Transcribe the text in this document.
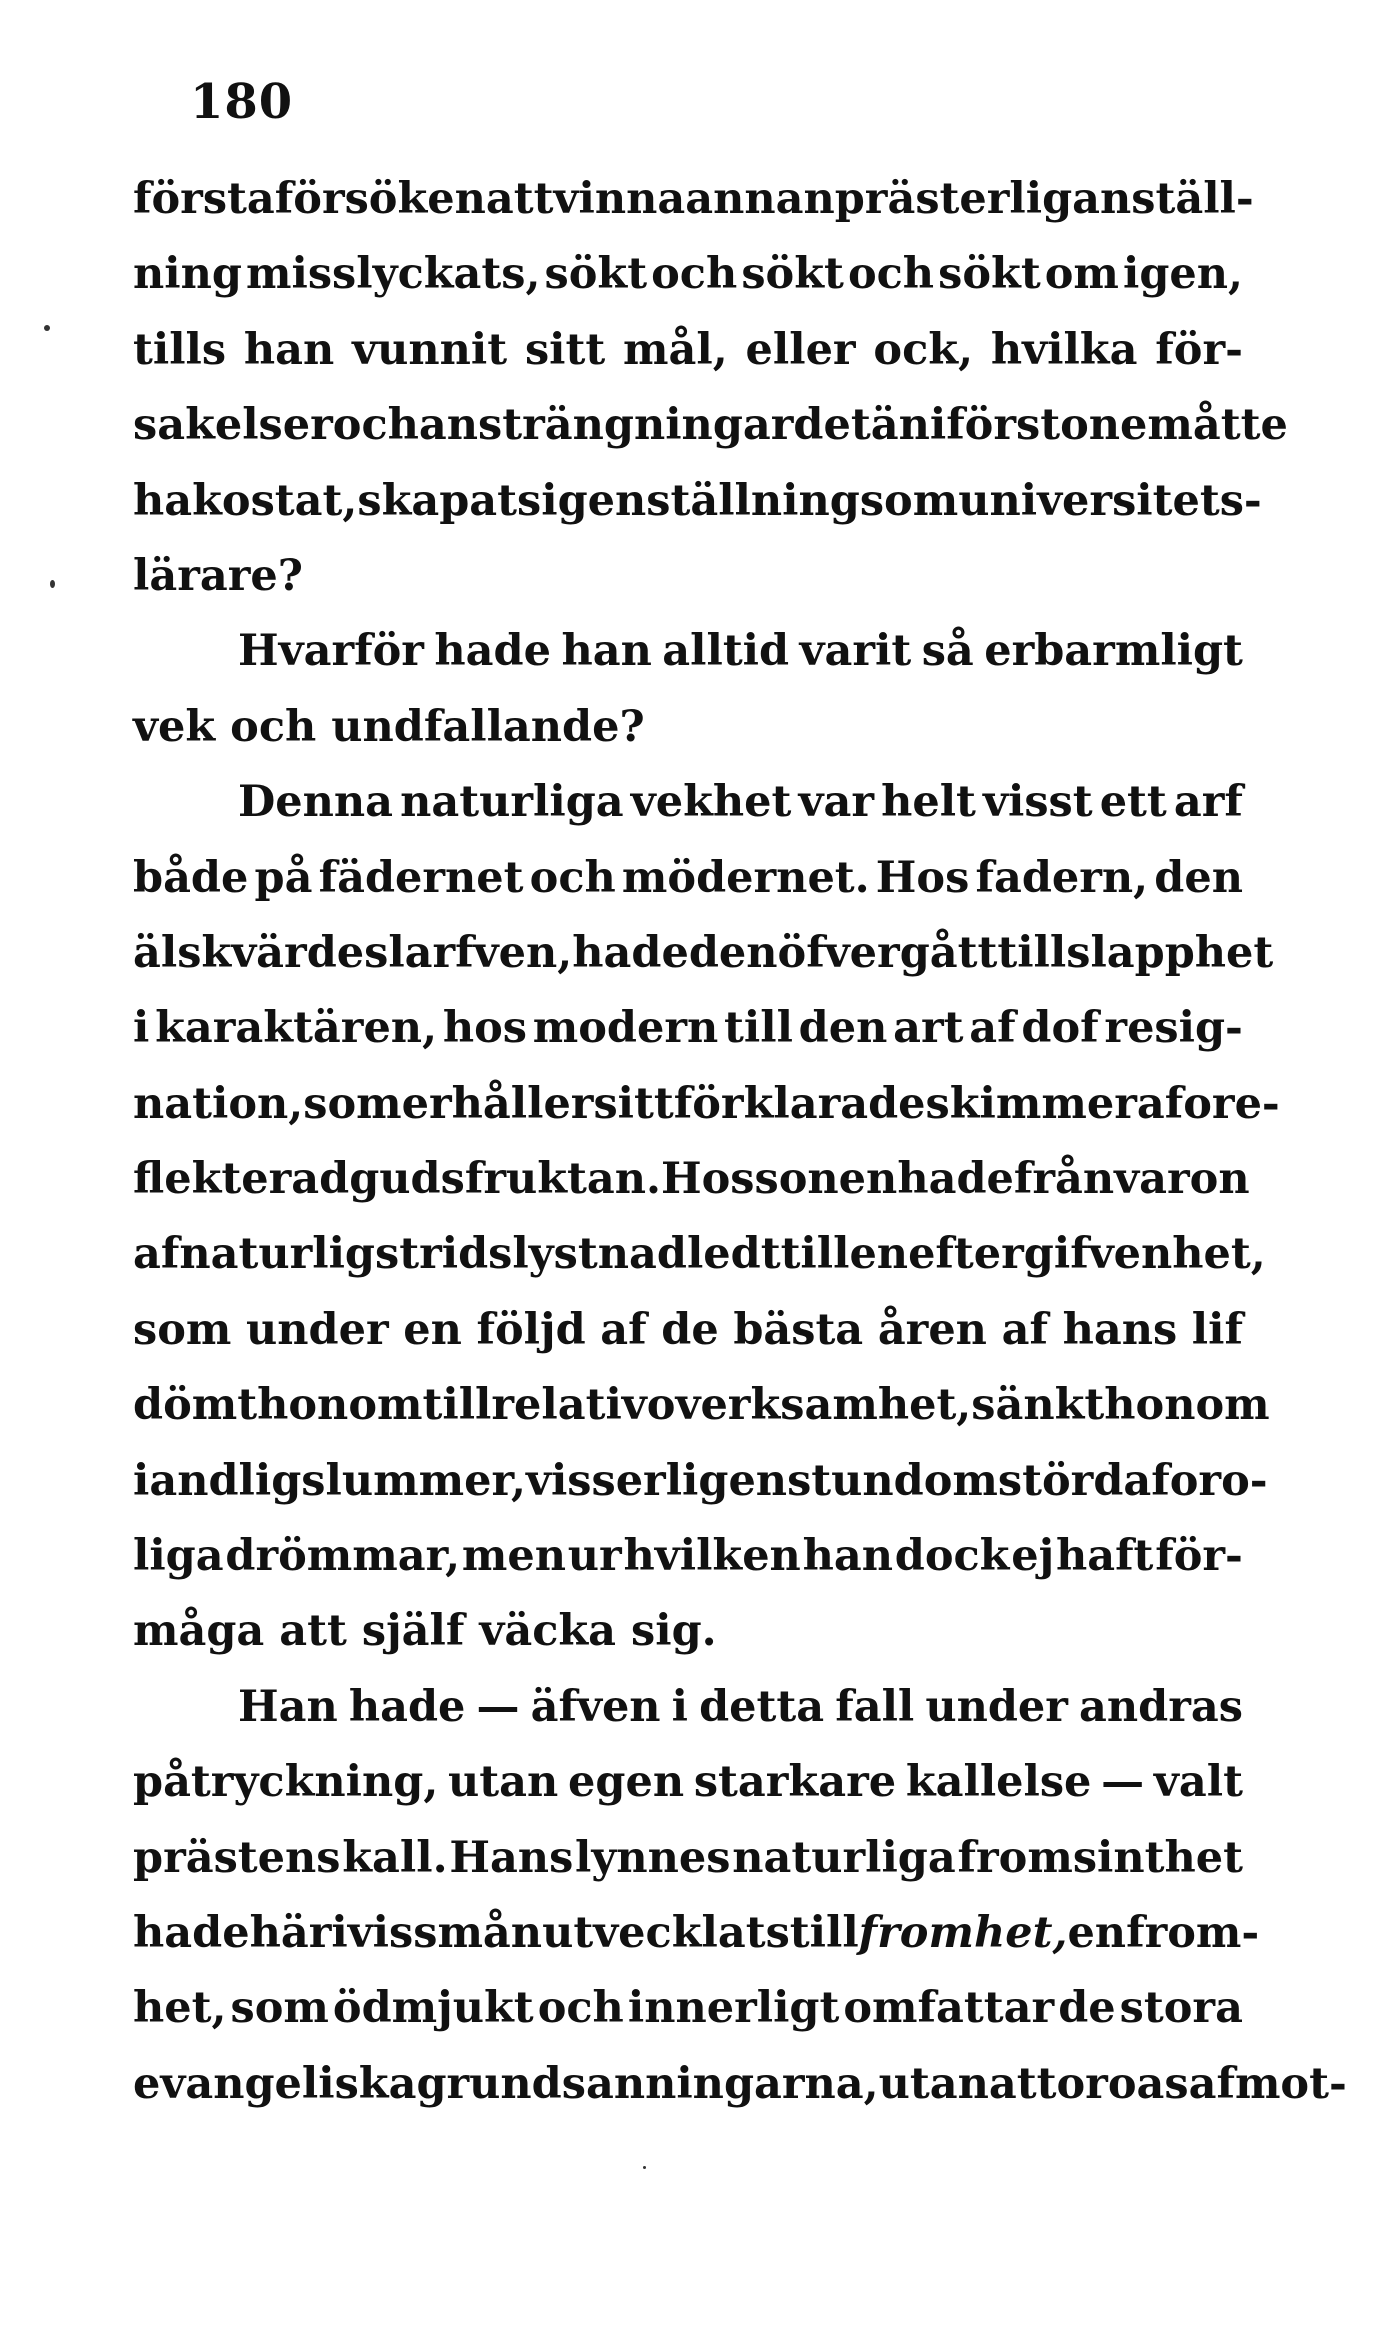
180
första försöken att vinna annan prästerlig anställ-
ning misslyckats, sökt och sökt och sökt om igen,
tills han vunnit sitt mål, eller ock, hvilka för-
sakelser och ansträngningar det än i förstone måtte
ha kostat, skapat sig en ställning som universitets-
lärare?
Hvarför hade han alltid varit så erbarmligt
vek och undfallande?
Denna naturliga vekhet var helt visst ett arf
både på fädernet och mödernet. Hos fadern, den
älskvärde slarfven, hade den öfvergått till slapphet
i karaktären, hos modern till den art af dof resig-
nation, som erhåller sitt förklarade skimmer af ore-
flekterad gudsfruktan. Hos sonen hade frånvaron
af naturlig stridslystnad ledt till en eftergifvenhet,
som under en följd af de bästa åren af hans lif
dömt honom till relativ overksamhet, sänkt honom
i andlig slummer, visserligen stundom störd af oro-
liga drömmar, men ur hvilken han dock ej haft för-
måga att själf väcka sig.
Han hade — äfven i detta fall under andras
påtryckning, utan egen starkare kallelse — valt
prästens kall. Hans lynnes naturliga fromsinthet
hade här i viss mån utvecklats till fromhet, en from-
het, som ödmjukt och innerligt omfattar de stora
evangeliska grundsanningarna, utan att oroas af mot-
